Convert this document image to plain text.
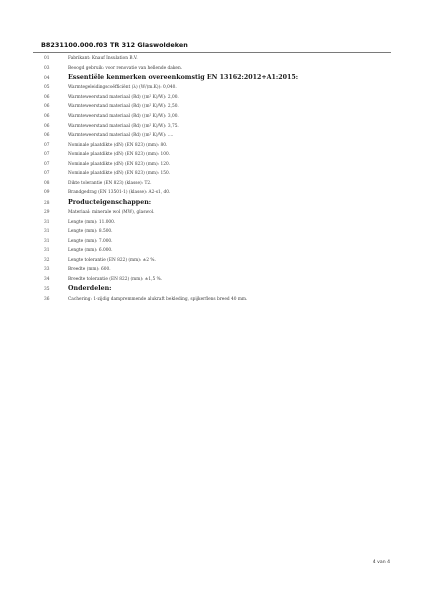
B8231100.000.f03 TR 312 Glaswoldeken
01	Fabrikant: Knauf Insulation B.V.
03	Beoogd gebruik: voor renovatie van hellende daken.
04	Essentiële kenmerken overeenkomstig EN 13162:2012+A1:2015:
05	Warmtegeleidingscoëfficiënt (λ) (W/(m.K)): 0,040.
06	Warmteweerstand materiaal (Rd) ((m² K)/W): 2,00.
06	Warmteweerstand materiaal (Rd) ((m² K)/W): 2,50.
06	Warmteweerstand materiaal (Rd) ((m² K)/W): 3,00.
06	Warmteweerstand materiaal (Rd) ((m² K)/W): 3,75.
06	Warmteweerstand materiaal (Rd) ((m² K)/W): ....
07	Nominale plaatdikte (dN) (EN 823) (mm): 80.
07	Nominale plaatdikte (dN) (EN 823) (mm): 100.
07	Nominale plaatdikte (dN) (EN 823) (mm): 120.
07	Nominale plaatdikte (dN) (EN 823) (mm): 150.
08	Dikte tolerantie (EN 823) (klasse): T2.
09	Brandgedrag (EN 13501-1) (klasse): A2-s1, d0.
28	Producteigenschappen:
29	Materiaal: minerale wol (MW), glaswol.
31	Lengte (mm): 11.000.
31	Lengte (mm): 8.500.
31	Lengte (mm): 7.000.
31	Lengte (mm): 6.000.
32	Lengte tolerantie (EN 822) (mm): ±2 %.
33	Breedte (mm): 600.
34	Breedte tolerantie (EN 822) (mm): ±1,5 %.
35	Onderdelen:
36	Cachering: 1-zijdig dampremmende alukraft bekleding, spijkerflens breed 40 mm.
4 van 4
